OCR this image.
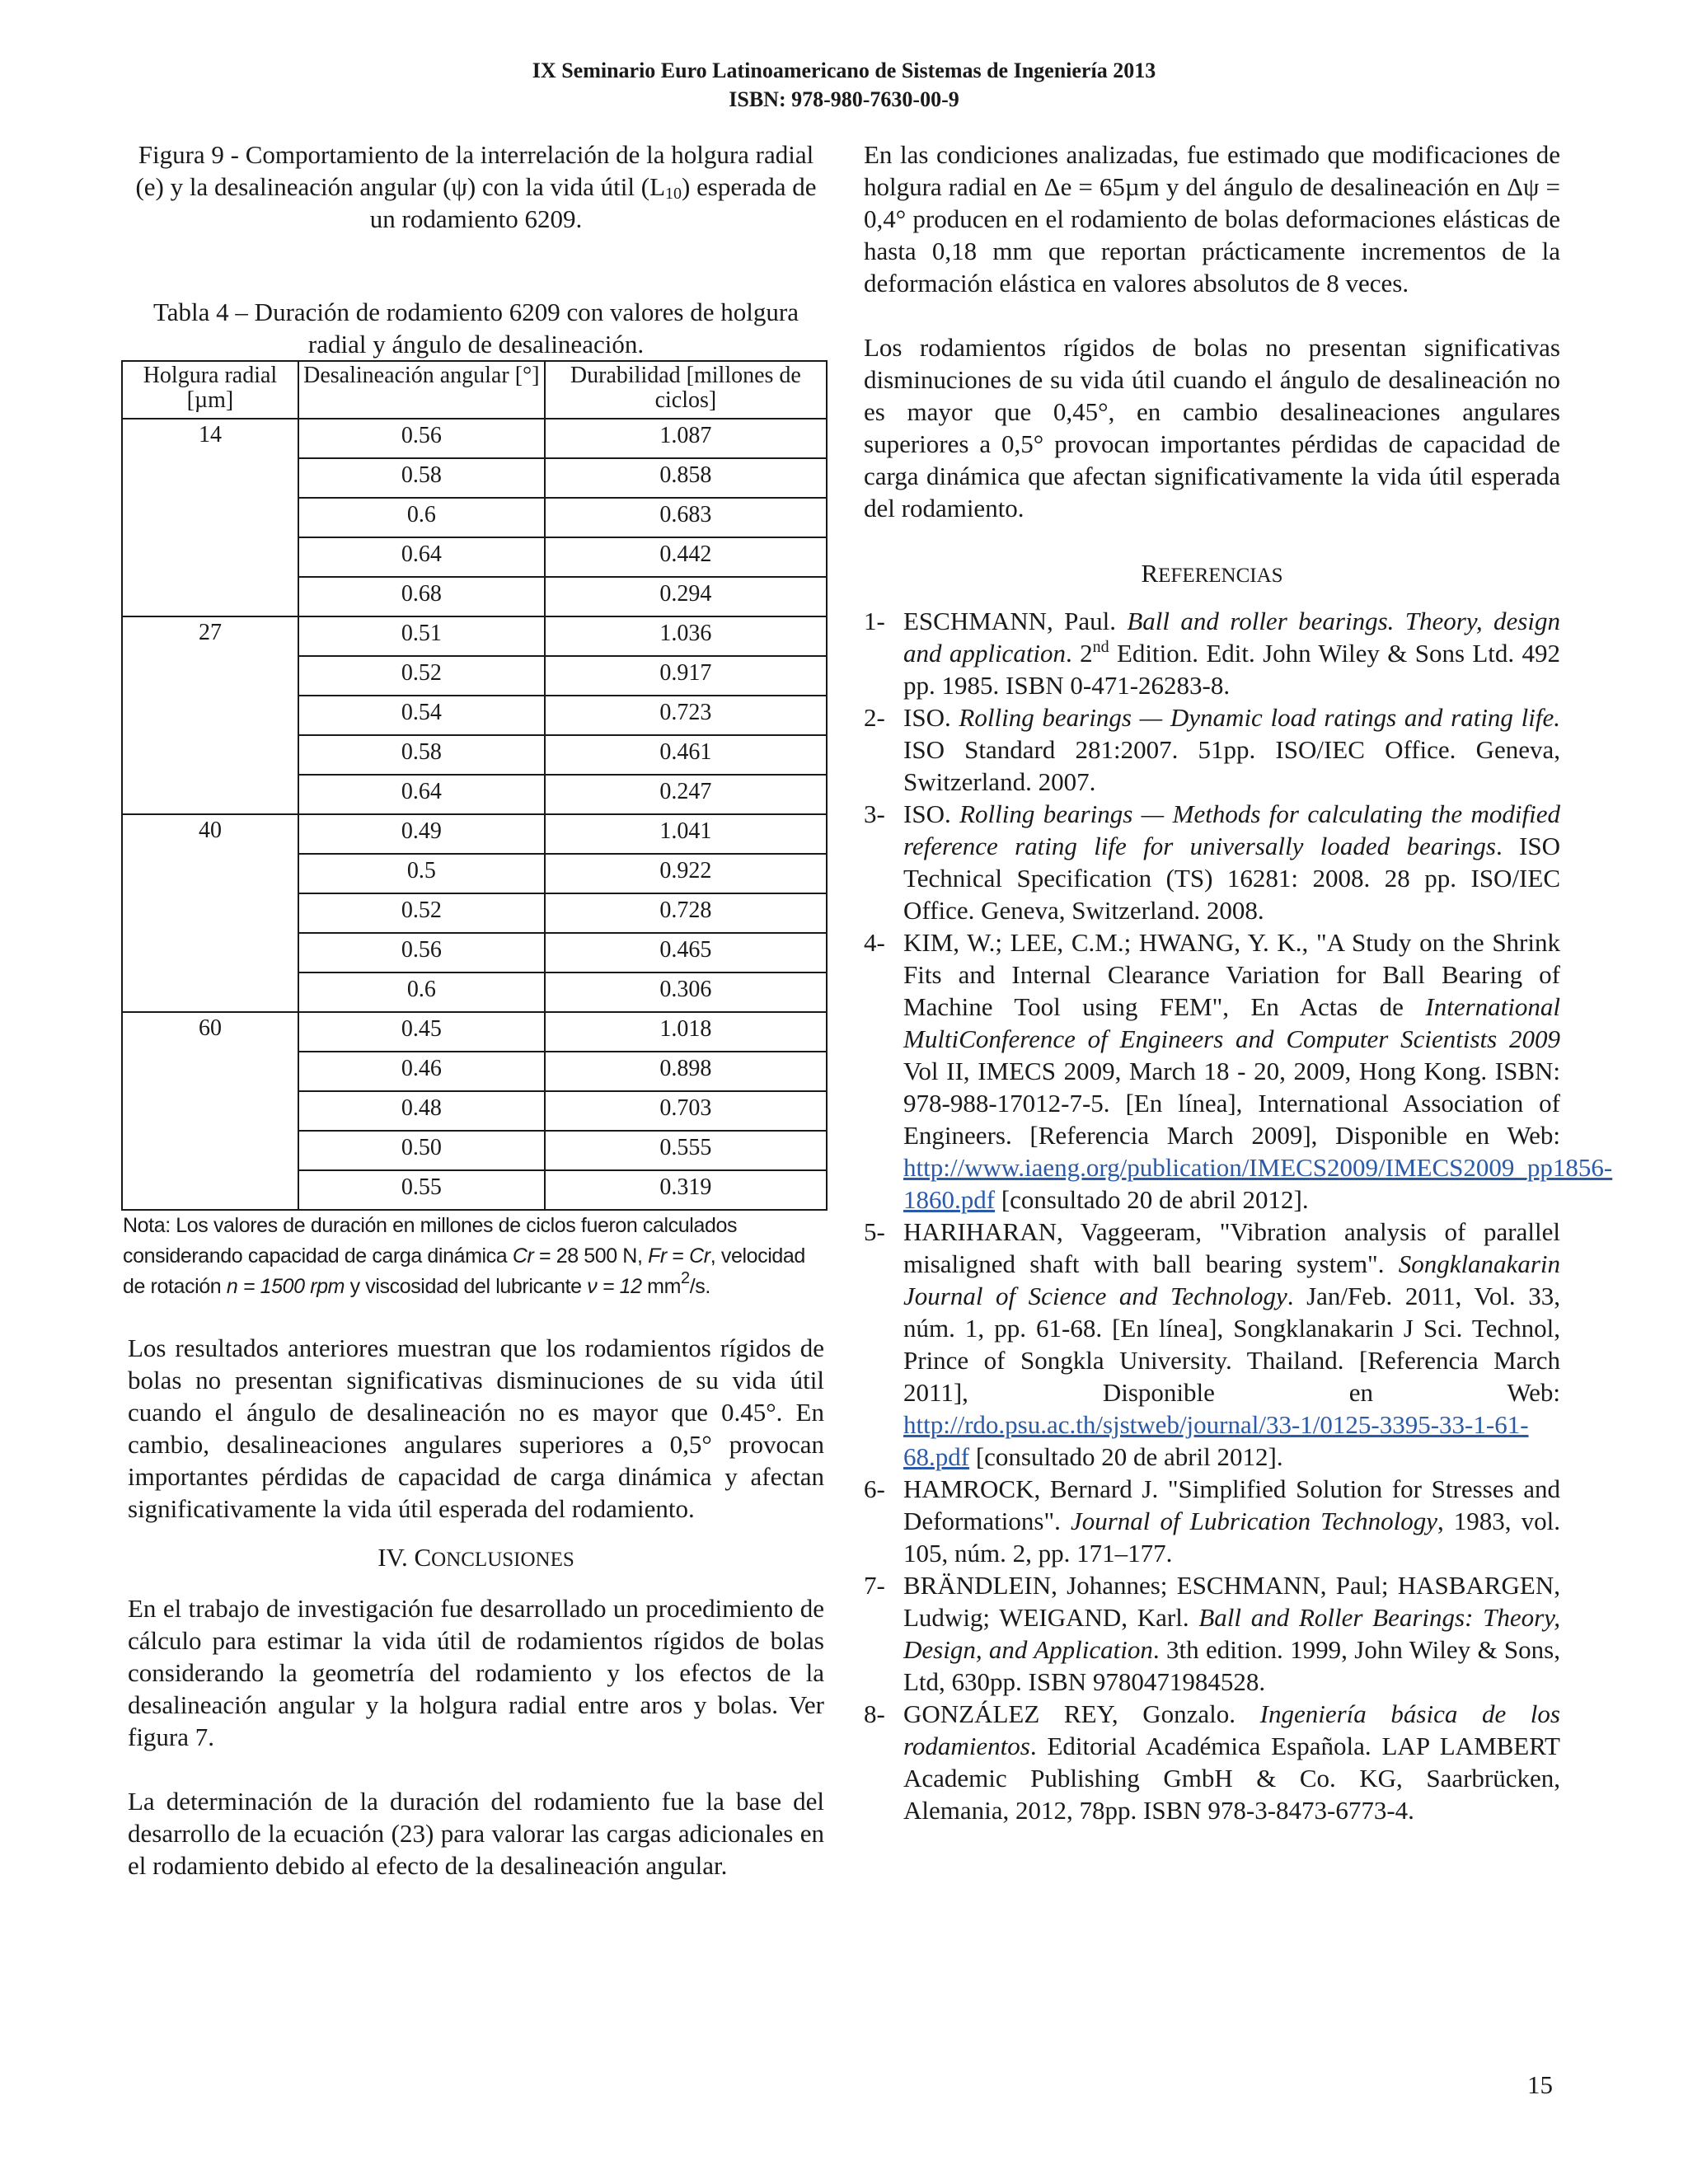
IX Seminario Euro Latinoamericano de Sistemas de Ingeniería 2013
ISBN: 978-980-7630-00-9

Figura 9 - Comportamiento de la interrelación de la holgura radial (e) y la desalineación angular (ψ) con la vida útil $(L_{10})$ esperada de un rodamiento 6209.

Tabla 4 – Duración de rodamiento 6209 con valores de holgura radial y ángulo de desalineación.

Holgura radial [µm]	Desalineación angular [°]	Durabilidad [millones de ciclos]
14	0.56	1.087
	0.58	0.858
	0.6	0.683
	0.64	0.442
	0.68	0.294
27	0.51	1.036
	0.52	0.917
	0.54	0.723
	0.58	0.461
	0.64	0.247
40	0.49	1.041
	0.5	0.922
	0.52	0.728
	0.56	0.465
	0.6	0.306
60	0.45	1.018
	0.46	0.898
	0.48	0.703
	0.50	0.555
	0.55	0.319

Nota: Los valores de duración en millones de ciclos fueron calculados considerando capacidad de carga dinámica Cr = 28 500 N, Fr = Cr, velocidad de rotación n = 1500 rpm y viscosidad del lubricante ν = 12 $mm^2/s$.

Los resultados anteriores muestran que los rodamientos rígidos de bolas no presentan significativas disminuciones de su vida útil cuando el ángulo de desalineación no es mayor que 0.45°. En cambio, desalineaciones angulares superiores a 0,5° provocan importantes pérdidas de capacidad de carga dinámica y afectan significativamente la vida útil esperada del rodamiento.

IV. CONCLUSIONES

En el trabajo de investigación fue desarrollado un procedimiento de cálculo para estimar la vida útil de rodamientos rígidos de bolas considerando la geometría del rodamiento y los efectos de la desalineación angular y la holgura radial entre aros y bolas. Ver figura 7.

La determinación de la duración del rodamiento fue la base del desarrollo de la ecuación (23) para valorar las cargas adicionales en el rodamiento debido al efecto de la desalineación angular.

En las condiciones analizadas, fue estimado que modificaciones de holgura radial en Δe = 65µm y del ángulo de desalineación en Δψ = 0,4° producen en el rodamiento de bolas deformaciones elásticas de hasta 0,18 mm que reportan prácticamente incrementos de la deformación elástica en valores absolutos de 8 veces.

Los rodamientos rígidos de bolas no presentan significativas disminuciones de su vida útil cuando el ángulo de desalineación no es mayor que 0,45°, en cambio desalineaciones angulares superiores a 0,5° provocan importantes pérdidas de capacidad de carga dinámica que afectan significativamente la vida útil esperada del rodamiento.

REFERENCIAS
1- ESCHMANN, Paul. Ball and roller bearings. Theory, design and application. 2nd Edition. Edit. John Wiley & Sons Ltd. 492 pp. 1985. ISBN 0-471-26283-8.
2- ISO. Rolling bearings — Dynamic load ratings and rating life. ISO Standard 281:2007. 51pp. ISO/IEC Office. Geneva, Switzerland. 2007.
3- ISO. Rolling bearings — Methods for calculating the modified reference rating life for universally loaded bearings. ISO Technical Specification (TS) 16281: 2008. 28 pp. ISO/IEC Office. Geneva, Switzerland. 2008.
4- KIM, W.; LEE, C.M.; HWANG, Y. K., "A Study on the Shrink Fits and Internal Clearance Variation for Ball Bearing of Machine Tool using FEM", En Actas de International MultiConference of Engineers and Computer Scientists 2009 Vol II, IMECS 2009, March 18 - 20, 2009, Hong Kong. ISBN: 978-988-17012-7-5. [En línea], International Association of Engineers. [Referencia March 2009], Disponible en Web: http://www.iaeng.org/publication/IMECS2009/IMECS2009_pp1856-1860.pdf [consultado 20 de abril 2012].
5- HARIHARAN, Vaggeeram, "Vibration analysis of parallel misaligned shaft with ball bearing system". Songklanakarin Journal of Science and Technology. Jan/Feb. 2011, Vol. 33, núm. 1, pp. 61-68. [En línea], Songklanakarin J Sci. Technol, Prince of Songkla University. Thailand. [Referencia March 2011], Disponible en Web: http://rdo.psu.ac.th/sjstweb/journal/33-1/0125-3395-33-1-61-68.pdf [consultado 20 de abril 2012].
6- HAMROCK, Bernard J. "Simplified Solution for Stresses and Deformations". Journal of Lubrication Technology, 1983, vol. 105, núm. 2, pp. 171–177.
7- BRÄNDLEIN, Johannes; ESCHMANN, Paul; HASBARGEN, Ludwig; WEIGAND, Karl. Ball and Roller Bearings: Theory, Design, and Application. 3th edition. 1999, John Wiley & Sons, Ltd, 630pp. ISBN 9780471984528.
8- GONZÁLEZ REY, Gonzalo. Ingeniería básica de los rodamientos. Editorial Académica Española. LAP LAMBERT Academic Publishing GmbH & Co. KG, Saarbrücken, Alemania, 2012, 78pp. ISBN 978-3-8473-6773-4.
15
